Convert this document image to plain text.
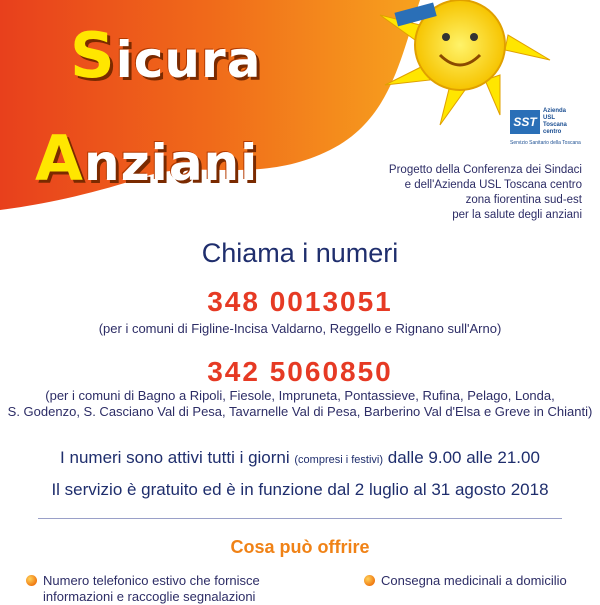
Sicura
Anziani
SST
Azienda
USL
Toscana
centro
Servizio Sanitario della Toscana
Progetto della Conferenza dei Sindaci
e dell'Azienda USL Toscana centro
zona fiorentina sud-est
per la salute degli anziani
Chiama i numeri
348 0013051
(per i comuni di Figline-Incisa Valdarno, Reggello e Rignano sull'Arno)
342 5060850
(per i comuni di Bagno a Ripoli, Fiesole, Impruneta, Pontassieve, Rufina, Pelago, Londa,
S. Godenzo, S. Casciano Val di Pesa, Tavarnelle Val di Pesa, Barberino Val d'Elsa e Greve in Chianti)
I numeri sono attivi tutti i giorni (compresi i festivi) dalle 9.00 alle 21.00
Il servizio è gratuito ed è in funzione dal 2 luglio al 31 agosto 2018
Cosa può offrire
Numero telefonico estivo che fornisce informazioni e raccoglie segnalazioni
Consegna medicinali a domicilio
